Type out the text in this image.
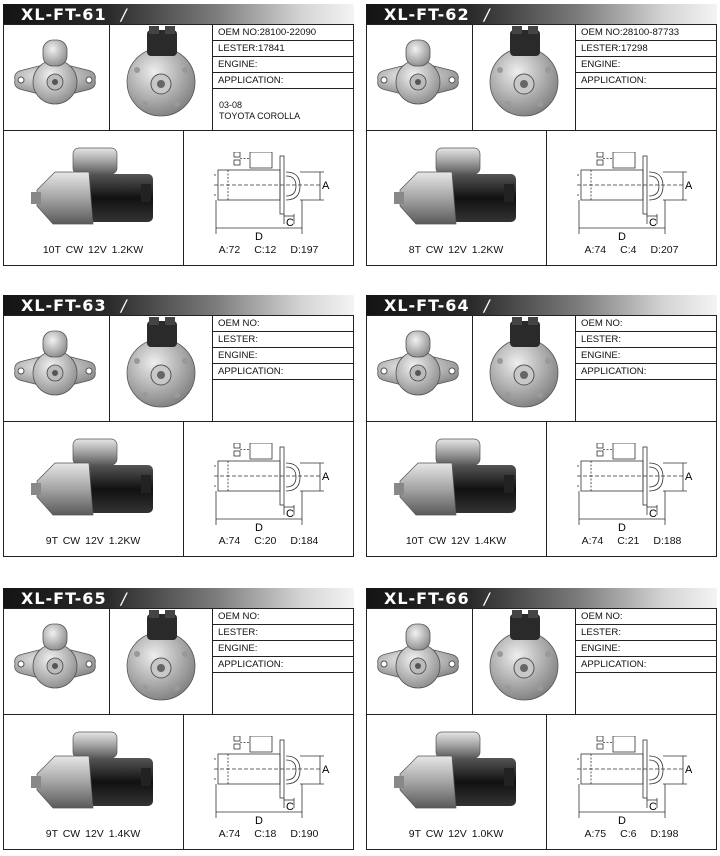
XL-FT-61 /
OEM NO:28100-22090
LESTER:17841
ENGINE:
APPLICATION:
03-08
TOYOTA COROLLA
A
C
D
10T CW 12V 1.2KW	A:72 C:12 D:197
XL-FT-62 /
OEM NO:28100-87733
LESTER:17298
ENGINE:
APPLICATION:
A
C
D
8T CW 12V 1.2KW	A:74 C:4 D:207
XL-FT-63 /
OEM NO:
LESTER:
ENGINE:
APPLICATION:
A
C
D
9T CW 12V 1.2KW	A:74 C:20 D:184
XL-FT-64 /
OEM NO:
LESTER:
ENGINE:
APPLICATION:
A
C
D
10T CW 12V 1.4KW	A:74 C:21 D:188
XL-FT-65 /
OEM NO:
LESTER:
ENGINE:
APPLICATION:
A
C
D
9T CW 12V 1.4KW	A:74 C:18 D:190
XL-FT-66 /
OEM NO:
LESTER:
ENGINE:
APPLICATION:
A
C
D
9T CW 12V 1.0KW	A:75 C:6 D:198
